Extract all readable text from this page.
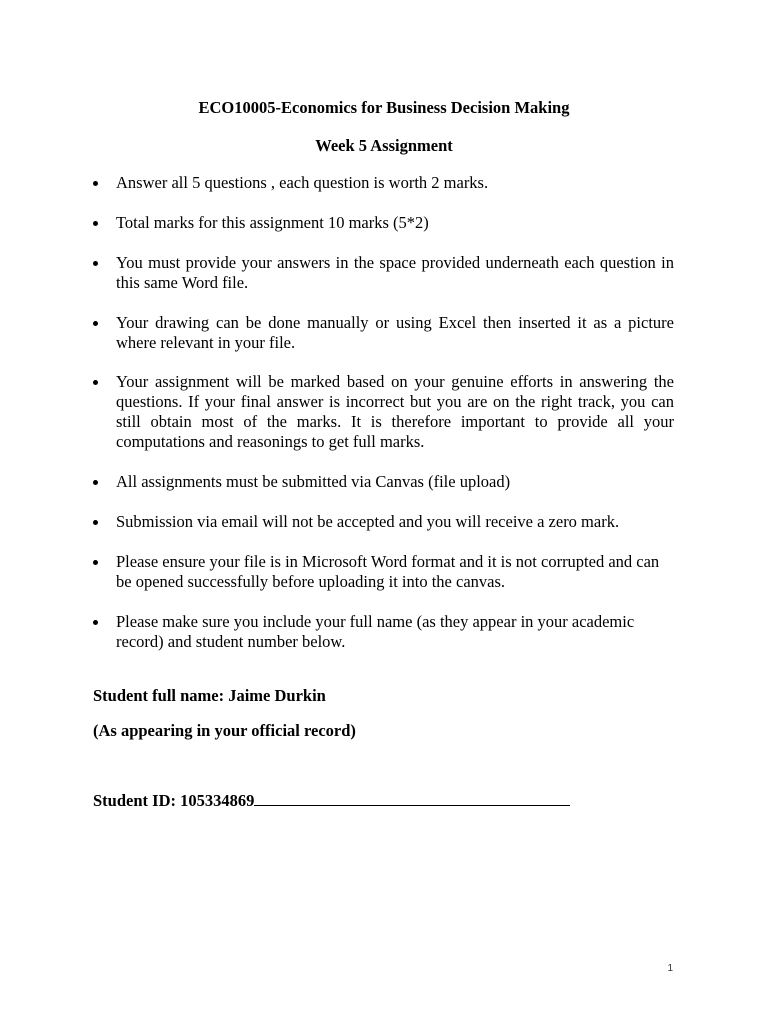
ECO10005-Economics for Business Decision Making
Week 5 Assignment
Answer all 5 questions , each question is worth 2 marks.
Total marks for this assignment 10 marks (5*2)
You must provide your answers in the space provided underneath each question in this same Word file.
Your drawing can be done manually or using Excel then inserted it as a picture where relevant in your file.
Your assignment will be marked based on your genuine efforts in answering the questions. If your final answer is incorrect but you are on the right track, you can still obtain most of the marks. It is therefore important to provide all your computations and reasonings to get full marks.
All assignments must be submitted via Canvas (file upload)
Submission via email will not be accepted and you will receive a zero mark.
Please ensure your file is in Microsoft Word format and it is not corrupted and can be opened successfully before uploading it into the canvas.
Please make sure you include your full name (as they appear in your academic record) and student number below.
Student full name: Jaime Durkin
(As appearing in your official record)
Student ID: 105334869
1
